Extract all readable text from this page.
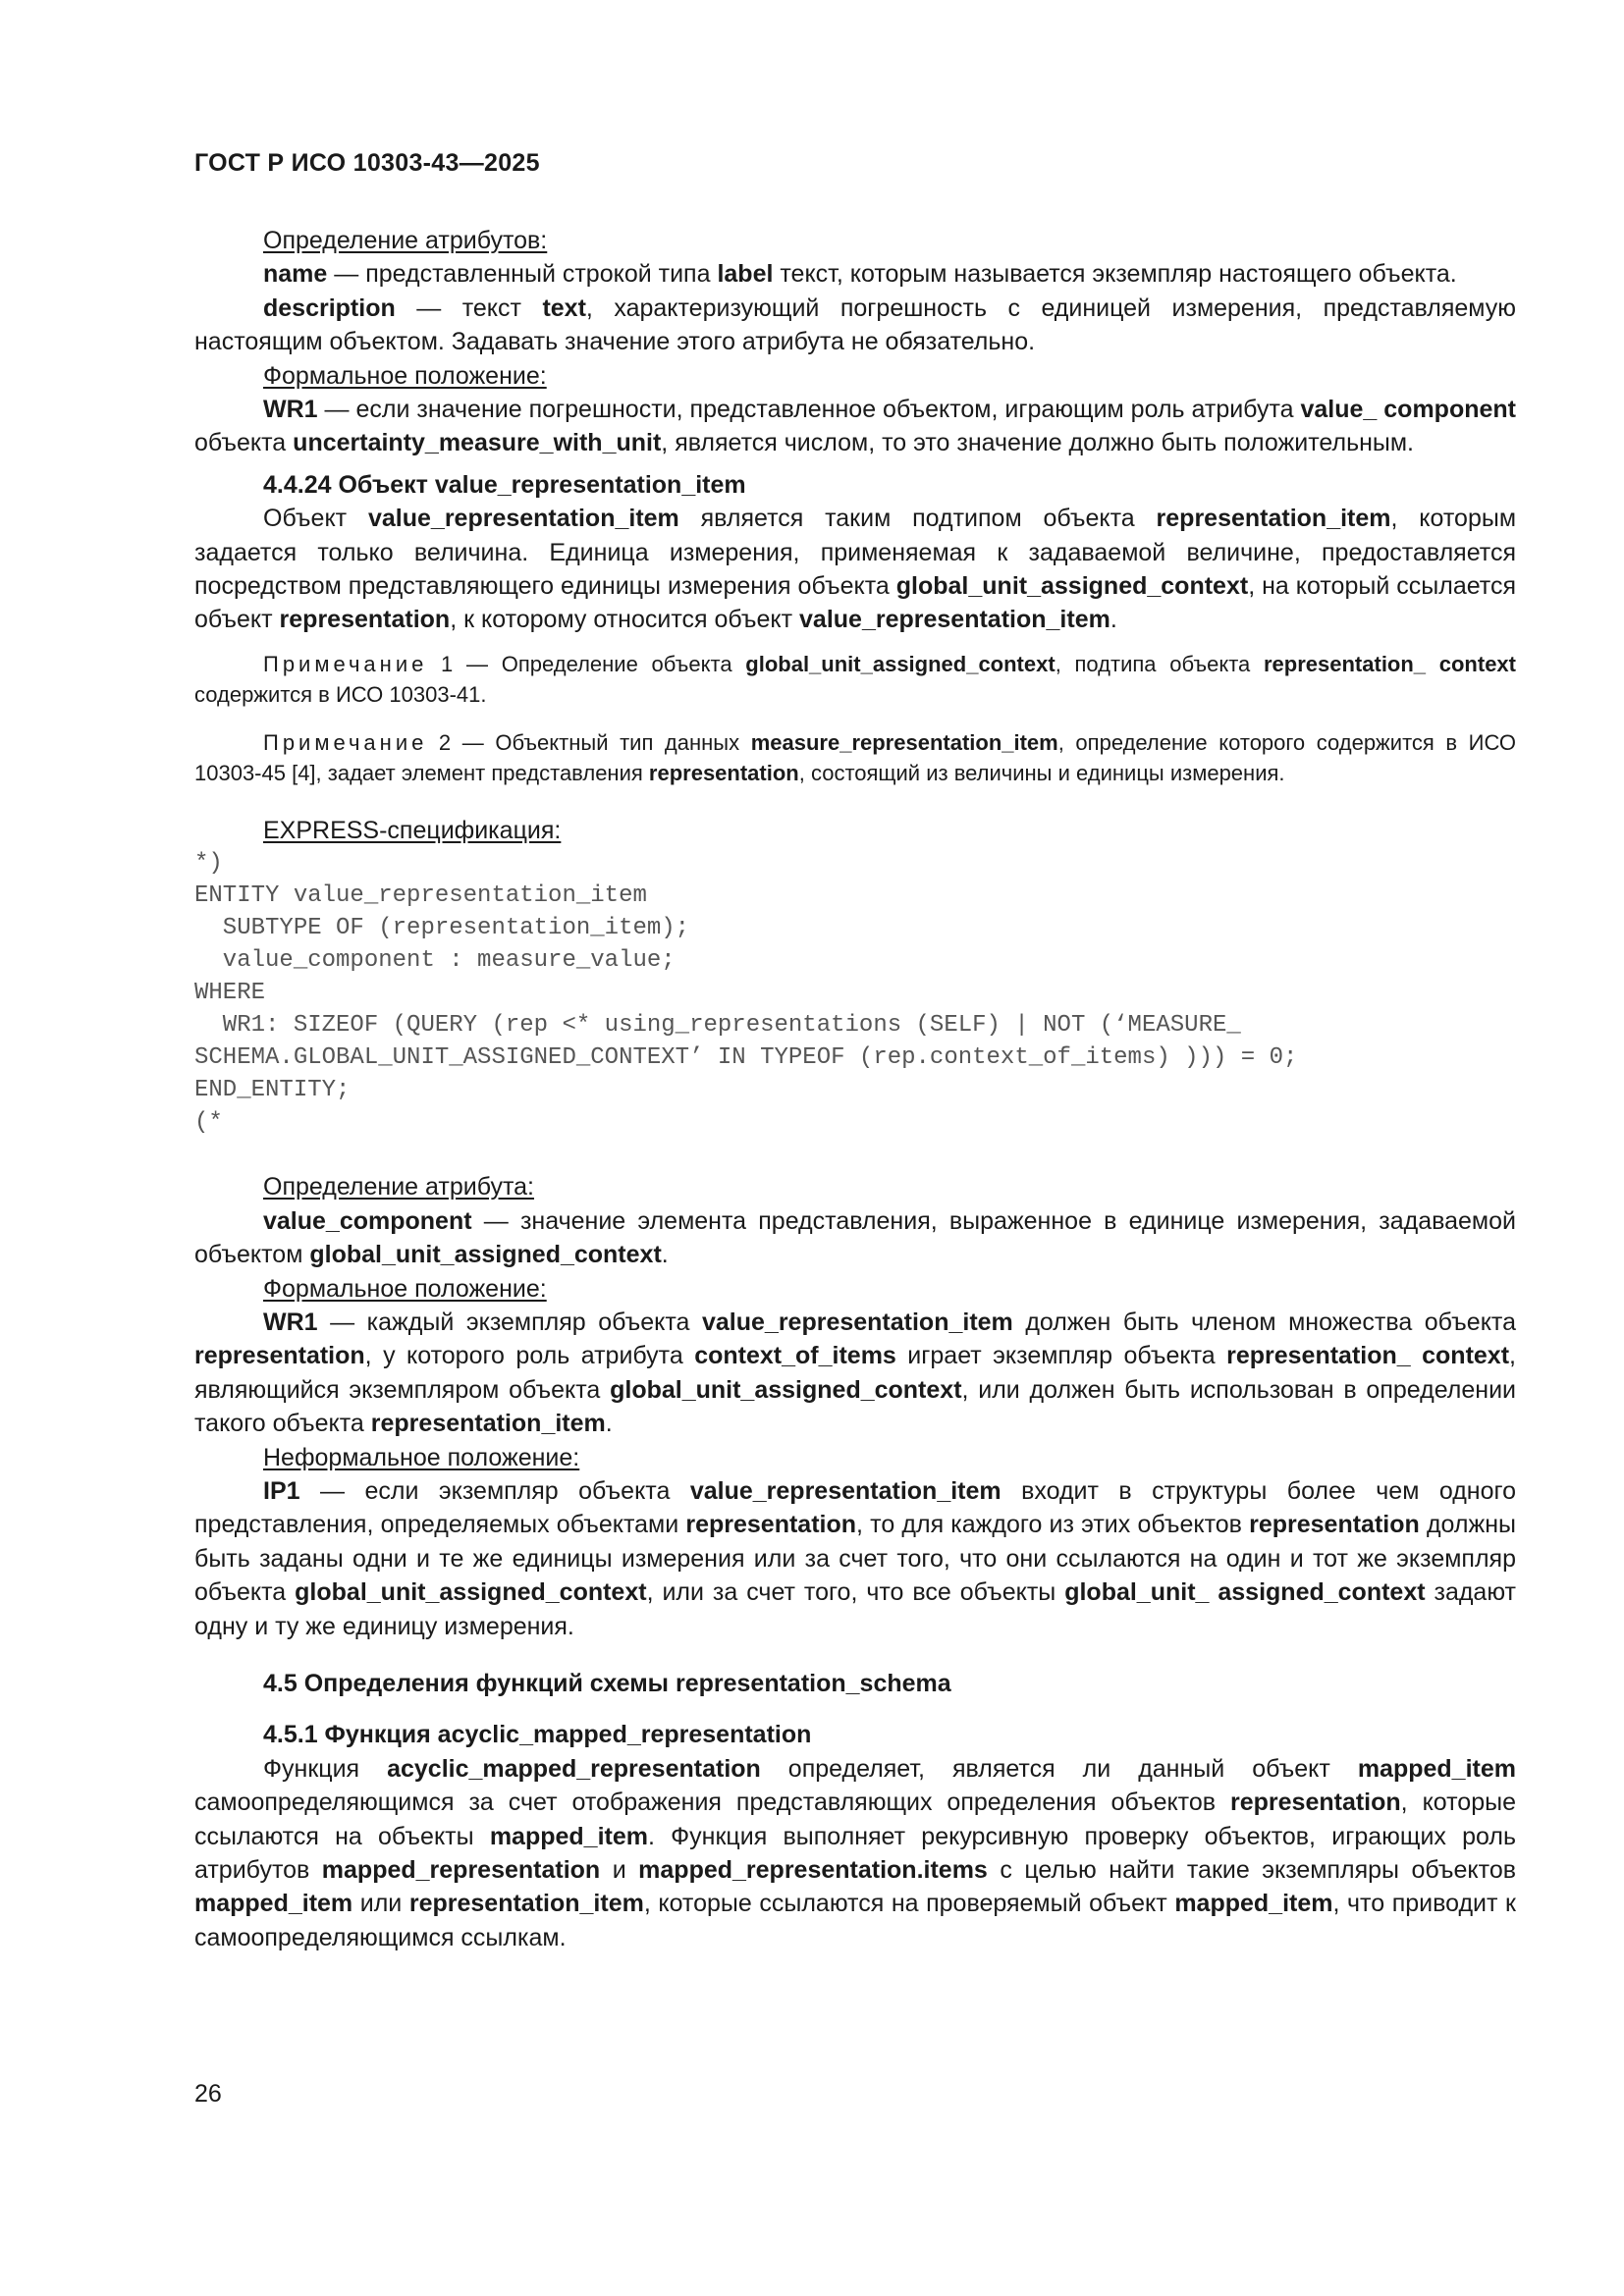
ГОСТ Р ИСО 10303-43—2025

Определение атрибутов:

name — представленный строкой типа label текст, которым называется экземпляр настоящего объекта.

description — текст text, характеризующий погрешность с единицей измерения, представляемую настоящим объектом. Задавать значение этого атрибута не обязательно.

Формальное положение:

WR1 — если значение погрешности, представленное объектом, играющим роль атрибута value_ component объекта uncertainty_measure_with_unit, является числом, то это значение должно быть положительным.

4.4.24 Объект value_representation_item

Объект value_representation_item является таким подтипом объекта representation_item, которым задается только величина. Единица измерения, применяемая к задаваемой величине, предоставляется посредством представляющего единицы измерения объекта global_unit_assigned_context, на который ссылается объект representation, к которому относится объект value_representation_item.

Примечание 1 — Определение объекта global_unit_assigned_context, подтипа объекта representation_ context содержится в ИСО 10303-41.

Примечание 2 — Объектный тип данных measure_representation_item, определение которого содержится в ИСО 10303-45 [4], задает элемент представления representation, состоящий из величины и единицы измерения.

EXPRESS-спецификация:

*)
ENTITY value_representation_item
SUBTYPE OF (representation_item);
value_component : measure_value;
WHERE
WR1: SIZEOF (QUERY (rep <* using_representations (SELF) | NOT (‘MEASURE_
SCHEMA.GLOBAL_UNIT_ASSIGNED_CONTEXT’ IN TYPEOF (rep.context_of_items) ))) = 0;
END_ENTITY;
(*

Определение атрибута:

value_component — значение элемента представления, выраженное в единице измерения, задаваемой объектом global_unit_assigned_context.

Формальное положение:

WR1 — каждый экземпляр объекта value_representation_item должен быть членом множества объекта representation, у которого роль атрибута context_of_items играет экземпляр объекта representation_ context, являющийся экземпляром объекта global_unit_assigned_context, или должен быть использован в определении такого объекта representation_item.

Неформальное положение:

IP1 — если экземпляр объекта value_representation_item входит в структуры более чем одного представления, определяемых объектами representation, то для каждого из этих объектов representation должны быть заданы одни и те же единицы измерения или за счет того, что они ссылаются на один и тот же экземпляр объекта global_unit_assigned_context, или за счет того, что все объекты global_unit_ assigned_context задают одну и ту же единицу измерения.

4.5 Определения функций схемы representation_schema

4.5.1 Функция acyclic_mapped_representation

Функция acyclic_mapped_representation определяет, является ли данный объект mapped_item самоопределяющимся за счет отображения представляющих определения объектов representation, которые ссылаются на объекты mapped_item. Функция выполняет рекурсивную проверку объектов, играющих роль атрибутов mapped_representation и mapped_representation.items с целью найти такие экземпляры объектов mapped_item или representation_item, которые ссылаются на проверяемый объект mapped_item, что приводит к самоопределяющимся ссылкам.

26
